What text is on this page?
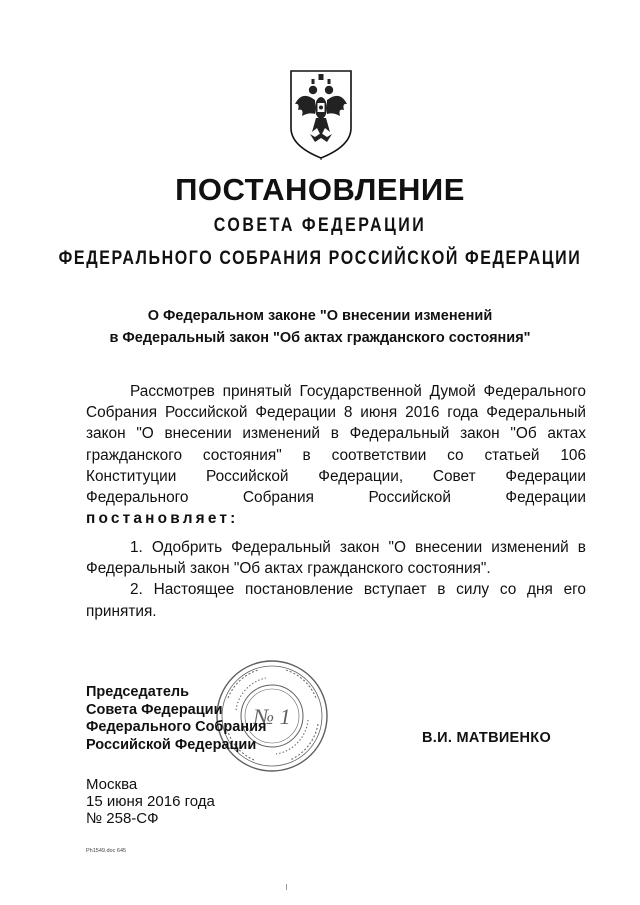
ПОСТАНОВЛЕНИЕ
СОВЕТА ФЕДЕРАЦИИ
ФЕДЕРАЛЬНОГО СОБРАНИЯ РОССИЙСКОЙ ФЕДЕРАЦИИ
О Федеральном законе "О внесении изменений
в Федеральный закон "Об актах гражданского состояния"
Рассмотрев принятый Государственной Думой Федерального
Собрания Российской Федерации 8 июня 2016 года Федеральный
закон "О внесении изменений в Федеральный закон "Об актах
гражданского состояния" в соответствии со статьей 106
Конституции Российской Федерации, Совет Федерации
Федерального Собрания Российской Федерации
постановляет:
1. Одобрить Федеральный закон "О внесении изменений в
Федеральный закон "Об актах гражданского состояния".
2. Настоящее постановление вступает в силу со дня его
принятия.
№ 1
Председатель
Совета Федерации
Федерального Собрания
Российской Федерации	В.И. МАТВИЕНКО
Москва
15 июня 2016 года
№ 258-СФ
Рh1549.doc 645
